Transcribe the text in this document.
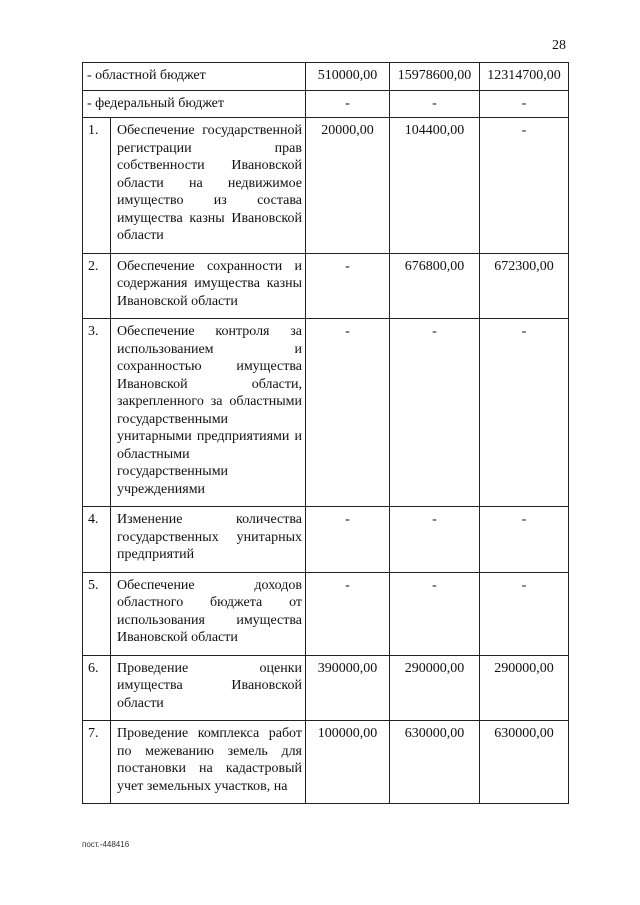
28
- областной бюджет		510000,00	15978600,00	12314700,00
- федеральный бюджет		-	-	-
1.	Обеспечение государственной регистрации прав собственности Ивановской области на недвижимое имущество из состава имущества казны Ивановской области	20000,00	104400,00	-
2.	Обеспечение сохранности и содержания имущества казны Ивановской области	-	676800,00	672300,00
3.	Обеспечение контроля за использованием и сохранностью имущества Ивановской области, закрепленного за областными государственными унитарными предприятиями и областными государственными учреждениями	-	-	-
4.	Изменение количества государственных унитарных предприятий	-	-	-
5.	Обеспечение доходов областного бюджета от использования имущества Ивановской области	-	-	-
6.	Проведение оценки имущества Ивановской области	390000,00	290000,00	290000,00
7.	Проведение комплекса работ по межеванию земель для постановки на кадастровый учет земельных участков, на	100000,00	630000,00	630000,00
пост.-448416
